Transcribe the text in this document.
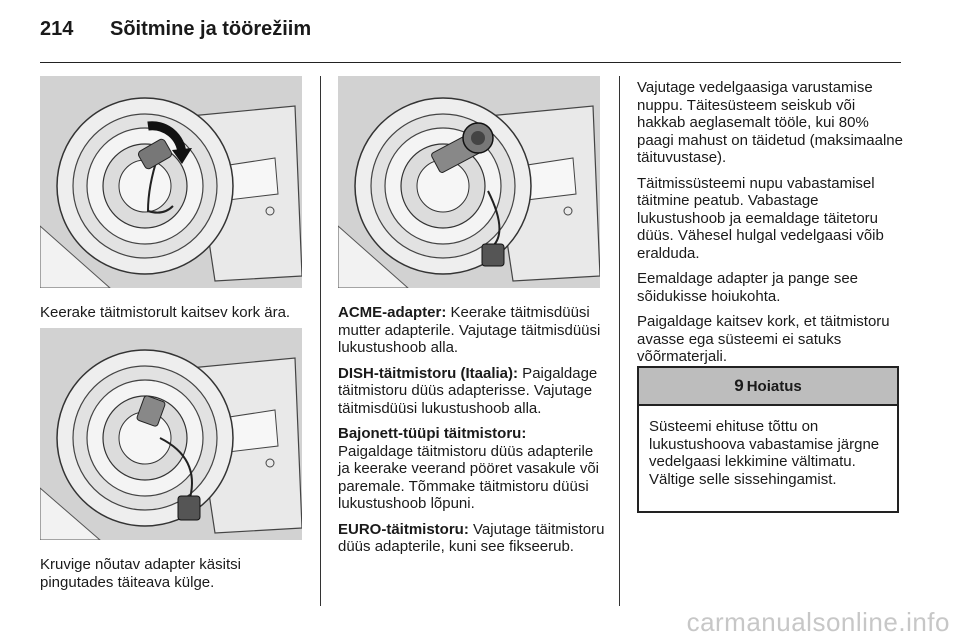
214	Sõitmine ja töörežiim

Keerake täitmistorult kaitsev kork ära.

Kruvige nõutav adapter käsitsi

pingutades täiteava külge.

ACME-adapter: Keerake täitmisdüüsi mutter adapterile. Vajutage täitmisdüüsi lukustushoob alla.

DISH-täitmistoru (Itaalia): Paigaldage täitmistoru düüs adapterisse. Vajutage täitmisdüüsi lukustushoob alla.

Bajonett-tüüpi täitmistoru:
Paigaldage täitmistoru düüs adapterile ja keerake veerand pööret vasakule või paremale. Tõmmake täitmistoru düüsi lukustushoob lõpuni.

EURO-täitmistoru: Vajutage täitmistoru düüs adapterile, kuni see fikseerub.

Vajutage vedelgaasiga varustamise nuppu. Täitesüsteem seiskub või hakkab aeglasemalt tööle, kui 80% paagi mahust on täidetud (maksimaalne täituvustase).

Täitmissüsteemi nupu vabastamisel täitmine peatub. Vabastage lukustushoob ja eemaldage täitetoru düüs. Vähesel hulgal vedelgaasi võib eralduda.

Eemaldage adapter ja pange see sõidukisse hoiukohta.

Paigaldage kaitsev kork, et täitmistoru avasse ega süsteemi ei satuks võõrmaterjali.

9 Hoiatus
Süsteemi ehituse tõttu on lukustushoova vabastamise järgne vedelgaasi lekkimine vältimatu. Vältige selle sissehingamist.
carmanualsonline.info
